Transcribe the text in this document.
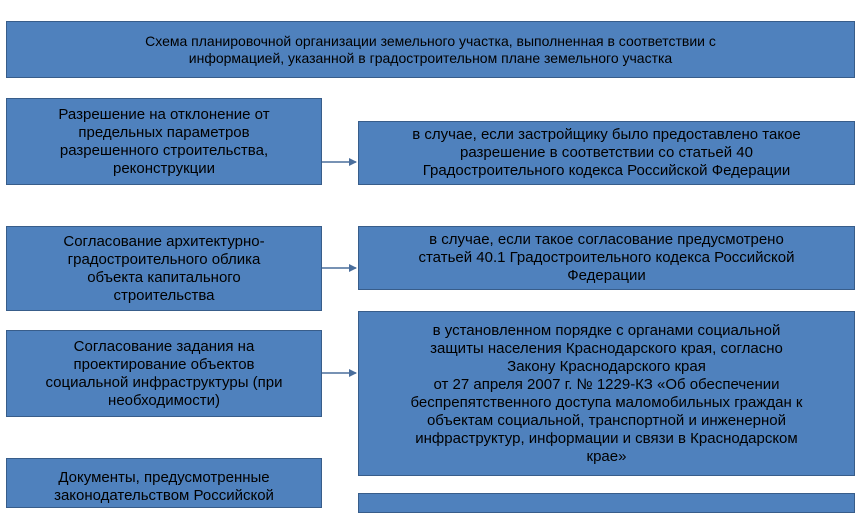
Схема планировочной организации земельного участка, выполненная в соответствии с
информацией, указанной в градостроительном плане земельного участка
Разрешение на отклонение от
предельных параметров
разрешенного строительства,
реконструкции
в случае, если застройщику было предоставлено такое
разрешение в соответствии со статьей 40
Градостроительного кодекса Российской Федерации
Согласование архитектурно-
градостроительного облика
объекта капитального
строительства
в случае, если такое согласование предусмотрено
статьей 40.1 Градостроительного кодекса Российской
Федерации
Согласование задания на
проектирование объектов
социальной инфраструктуры (при
необходимости)
в установленном порядке с органами социальной
защиты населения Краснодарского края, согласно
Закону Краснодарского края
от 27 апреля 2007 г. № 1229-КЗ «Об обеспечении
беспрепятственного доступа маломобильных граждан к
объектам социальной, транспортной и инженерной
инфраструктур, информации и связи в Краснодарском
крае»
Документы, предусмотренные
законодательством Российской
